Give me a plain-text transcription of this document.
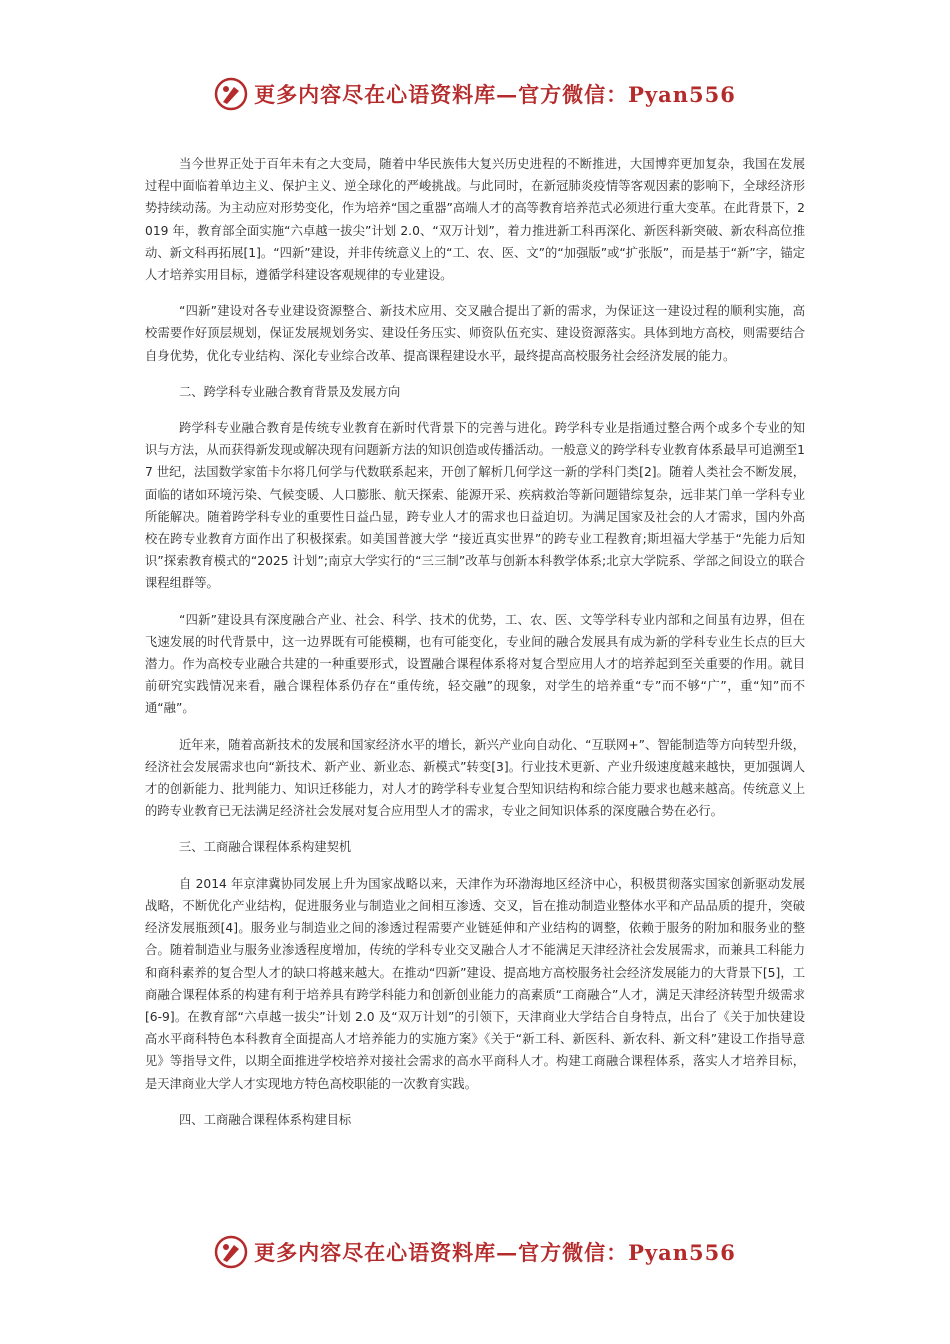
更多内容尽在心语资料库—官方微信：Pyan556

当今世界正处于百年未有之大变局，随着中华民族伟大复兴历史进程的不断推进，大国博弈更加复杂，我国在发展过程中面临着单边主义、保护主义、逆全球化的严峻挑战。与此同时，在新冠肺炎疫情等客观因素的影响下，全球经济形势持续动荡。为主动应对形势变化，作为培养“国之重器”高端人才的高等教育培养范式必须进行重大变革。在此背景下，2019 年，教育部全面实施“六卓越一拔尖”计划 2.0、“双万计划”，着力推进新工科再深化、新医科新突破、新农科高位推动、新文科再拓展[1]。“四新”建设，并非传统意义上的“工、农、医、文”的“加强版”或“扩张版”，而是基于“新”字，锚定人才培养实用目标，遵循学科建设客观规律的专业建设。

“四新”建设对各专业建设资源整合、新技术应用、交叉融合提出了新的需求，为保证这一建设过程的顺利实施，高校需要作好顶层规划，保证发展规划务实、建设任务压实、师资队伍充实、建设资源落实。具体到地方高校，则需要结合自身优势，优化专业结构、深化专业综合改革、提高课程建设水平，最终提高高校服务社会经济发展的能力。

二、跨学科专业融合教育背景及发展方向

跨学科专业融合教育是传统专业教育在新时代背景下的完善与进化。跨学科专业是指通过整合两个或多个专业的知识与方法，从而获得新发现或解决现有问题新方法的知识创造或传播活动。一般意义的跨学科专业教育体系最早可追溯至17 世纪，法国数学家笛卡尔将几何学与代数联系起来，开创了解析几何学这一新的学科门类[2]。随着人类社会不断发展，面临的诸如环境污染、气候变暖、人口膨胀、航天探索、能源开采、疾病救治等新问题错综复杂，远非某门单一学科专业所能解决。随着跨学科专业的重要性日益凸显，跨专业人才的需求也日益迫切。为满足国家及社会的人才需求，国内外高校在跨专业教育方面作出了积极探索。如美国普渡大学 “接近真实世界”的跨专业工程教育;斯坦福大学基于“先能力后知识”探索教育模式的“2025 计划”;南京大学实行的“三三制”改革与创新本科教学体系;北京大学院系、学部之间设立的联合课程组群等。

“四新”建设具有深度融合产业、社会、科学、技术的优势，工、农、医、文等学科专业内部和之间虽有边界，但在飞速发展的时代背景中，这一边界既有可能模糊，也有可能变化，专业间的融合发展具有成为新的学科专业生长点的巨大潜力。作为高校专业融合共建的一种重要形式，设置融合课程体系将对复合型应用人才的培养起到至关重要的作用。就目前研究实践情况来看，融合课程体系仍存在“重传统，轻交融”的现象，对学生的培养重“专”而不够“广”，重“知”而不通“融”。

近年来，随着高新技术的发展和国家经济水平的增长，新兴产业向自动化、“互联网+”、智能制造等方向转型升级，经济社会发展需求也向“新技术、新产业、新业态、新模式”转变[3]。行业技术更新、产业升级速度越来越快，更加强调人才的创新能力、批判能力、知识迁移能力，对人才的跨学科专业复合型知识结构和综合能力要求也越来越高。传统意义上的跨专业教育已无法满足经济社会发展对复合应用型人才的需求，专业之间知识体系的深度融合势在必行。

三、工商融合课程体系构建契机

自 2014 年京津冀协同发展上升为国家战略以来，天津作为环渤海地区经济中心，积极贯彻落实国家创新驱动发展战略，不断优化产业结构，促进服务业与制造业之间相互渗透、交叉，旨在推动制造业整体水平和产品品质的提升，突破经济发展瓶颈[4]。服务业与制造业之间的渗透过程需要产业链延伸和产业结构的调整，依赖于服务的附加和服务业的整合。随着制造业与服务业渗透程度增加，传统的学科专业交叉融合人才不能满足天津经济社会发展需求，而兼具工科能力和商科素养的复合型人才的缺口将越来越大。在推动“四新”建设、提高地方高校服务社会经济发展能力的大背景下[5]，工商融合课程体系的构建有利于培养具有跨学科能力和创新创业能力的高素质“工商融合”人才，满足天津经济转型升级需求[6-9]。在教育部“六卓越一拔尖”计划 2.0 及“双万计划”的引领下，天津商业大学结合自身特点，出台了《关于加快建设高水平商科特色本科教育全面提高人才培养能力的实施方案》《关于“新工科、新医科、新农科、新文科”建设工作指导意见》等指导文件，以期全面推进学校培养对接社会需求的高水平商科人才。构建工商融合课程体系，落实人才培养目标，是天津商业大学人才实现地方特色高校职能的一次教育实践。

四、工商融合课程体系构建目标

更多内容尽在心语资料库—官方微信：Pyan556
